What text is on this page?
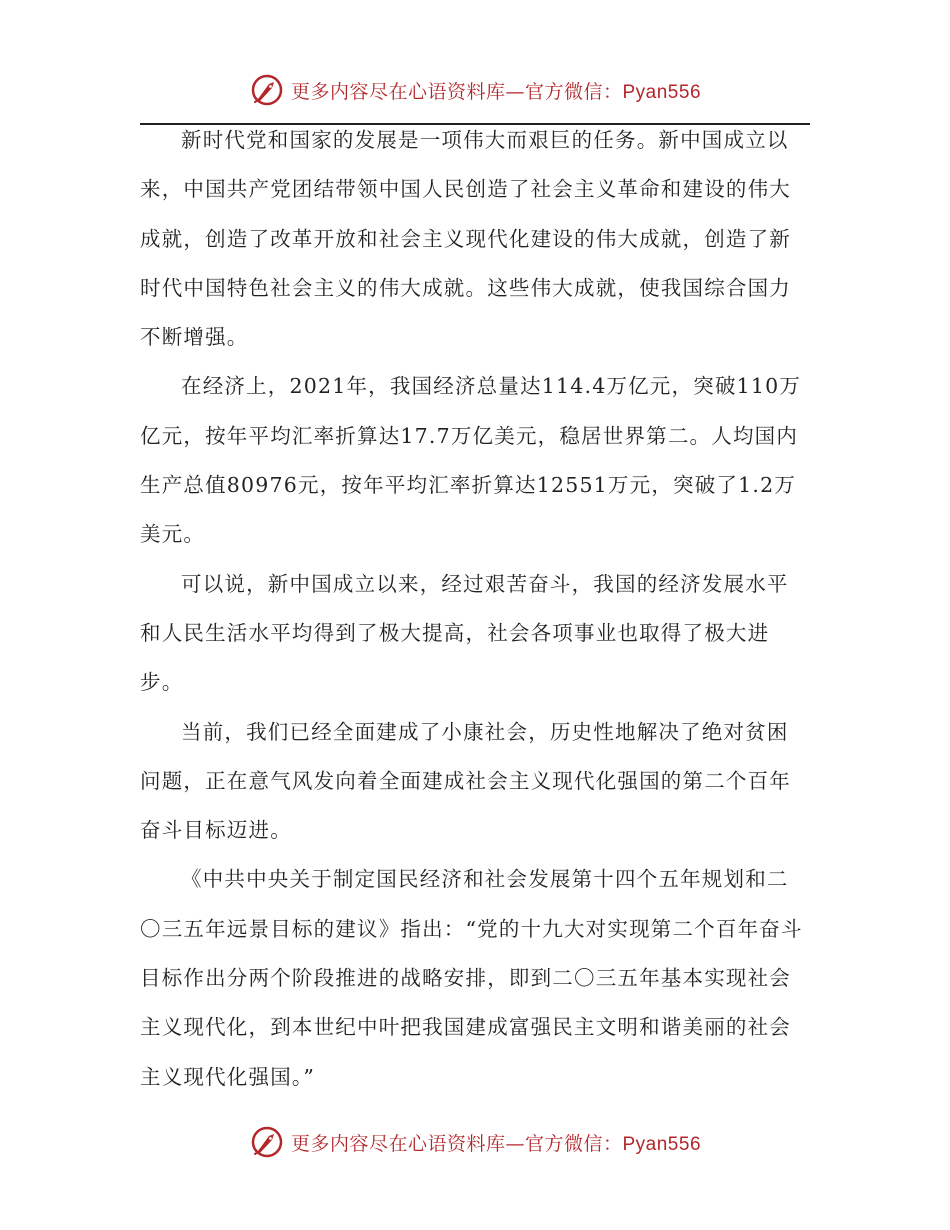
更多内容尽在心语资料库—官方微信：Pyan556

新时代党和国家的发展是一项伟大而艰巨的任务。新中国成立以来，中国共产党团结带领中国人民创造了社会主义革命和建设的伟大成就，创造了改革开放和社会主义现代化建设的伟大成就，创造了新时代中国特色社会主义的伟大成就。这些伟大成就，使我国综合国力不断增强。

在经济上，2021年，我国经济总量达114.4万亿元，突破110万亿元，按年平均汇率折算达17.7万亿美元，稳居世界第二。人均国内生产总值80976元，按年平均汇率折算达12551万元，突破了1.2万美元。

可以说，新中国成立以来，经过艰苦奋斗，我国的经济发展水平和人民生活水平均得到了极大提高，社会各项事业也取得了极大进步。

当前，我们已经全面建成了小康社会，历史性地解决了绝对贫困问题，正在意气风发向着全面建成社会主义现代化强国的第二个百年奋斗目标迈进。

《中共中央关于制定国民经济和社会发展第十四个五年规划和二〇三五年远景目标的建议》指出：“党的十九大对实现第二个百年奋斗目标作出分两个阶段推进的战略安排，即到二〇三五年基本实现社会主义现代化，到本世纪中叶把我国建成富强民主文明和谐美丽的社会主义现代化强国。”

更多内容尽在心语资料库—官方微信：Pyan556
